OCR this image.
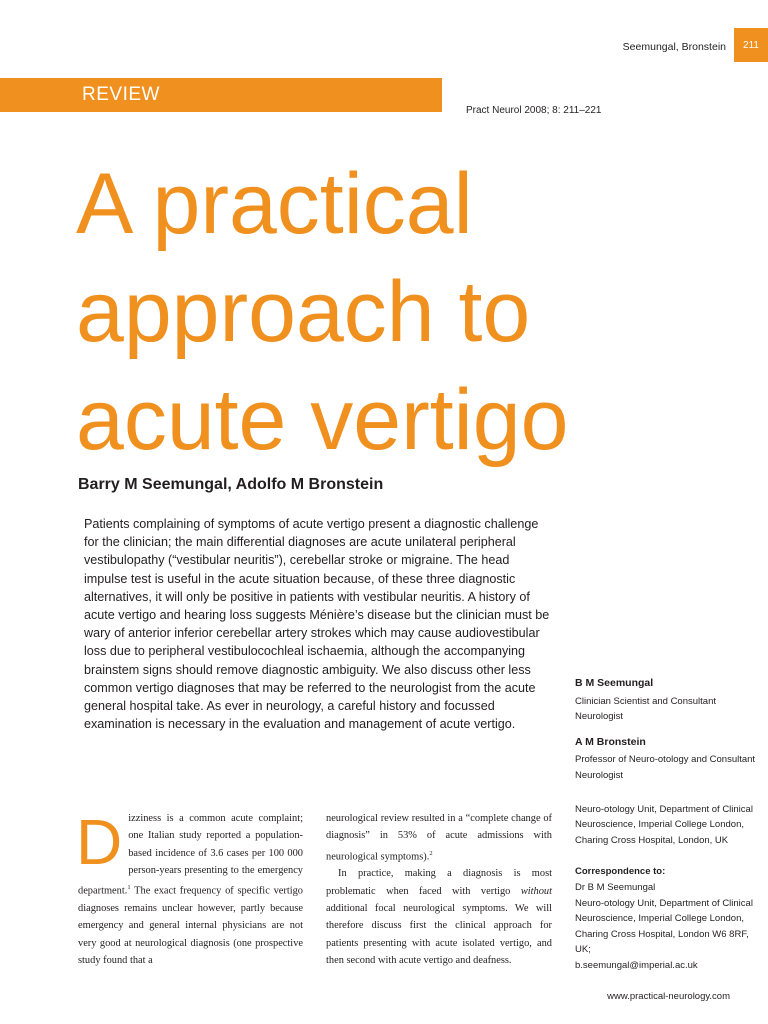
Seemungal, Bronstein 211
REVIEW
Pract Neurol 2008; 8: 211–221
A practical
approach to
acute vertigo
Barry M Seemungal, Adolfo M Bronstein

Patients complaining of symptoms of acute vertigo present a diagnostic challenge for the clinician; the main differential diagnoses are acute unilateral peripheral vestibulopathy (“vestibular neuritis”), cerebellar stroke or migraine. The head impulse test is useful in the acute situation because, of these three diagnostic alternatives, it will only be positive in patients with vestibular neuritis. A history of acute vertigo and hearing loss suggests Ménière’s disease but the clinician must be wary of anterior inferior cerebellar artery strokes which may cause audiovestibular loss due to peripheral vestibulocochleal ischaemia, although the accompanying brainstem signs should remove diagnostic ambiguity. We also discuss other less common vertigo diagnoses that may be referred to the neurologist from the acute general hospital take. As ever in neurology, a careful history and focussed examination is necessary in the evaluation and management of acute vertigo.

B M Seemungal

Clinician Scientist and Consultant Neurologist

A M Bronstein

Professor of Neuro-otology and Consultant Neurologist

Neuro-otology Unit, Department of Clinical Neuroscience, Imperial College London, Charing Cross Hospital, London, UK

Correspondence to:

Dr B M Seemungal

Neuro-otology Unit, Department of Clinical Neuroscience, Imperial College London, Charing Cross Hospital, London W6 8RF, UK;

b.seemungal@imperial.ac.uk

D izziness is a common acute complaint; one Italian study reported a population-based incidence of 3.6 cases per 100 000 person-years presenting to the emergency department.$^1$ The exact frequency of specific vertigo diagnoses remains unclear however, partly because emergency and general internal physicians are not very good at neurological diagnosis (one prospective study found that a

neurological review resulted in a “complete change of diagnosis” in 53% of acute admissions with neurological symptoms).$^2$

In practice, making a diagnosis is most problematic when faced with vertigo without additional focal neurological symptoms. We will therefore discuss first the clinical approach for patients presenting with acute isolated vertigo, and then second with acute vertigo and deafness.

www.practical-neurology.com
